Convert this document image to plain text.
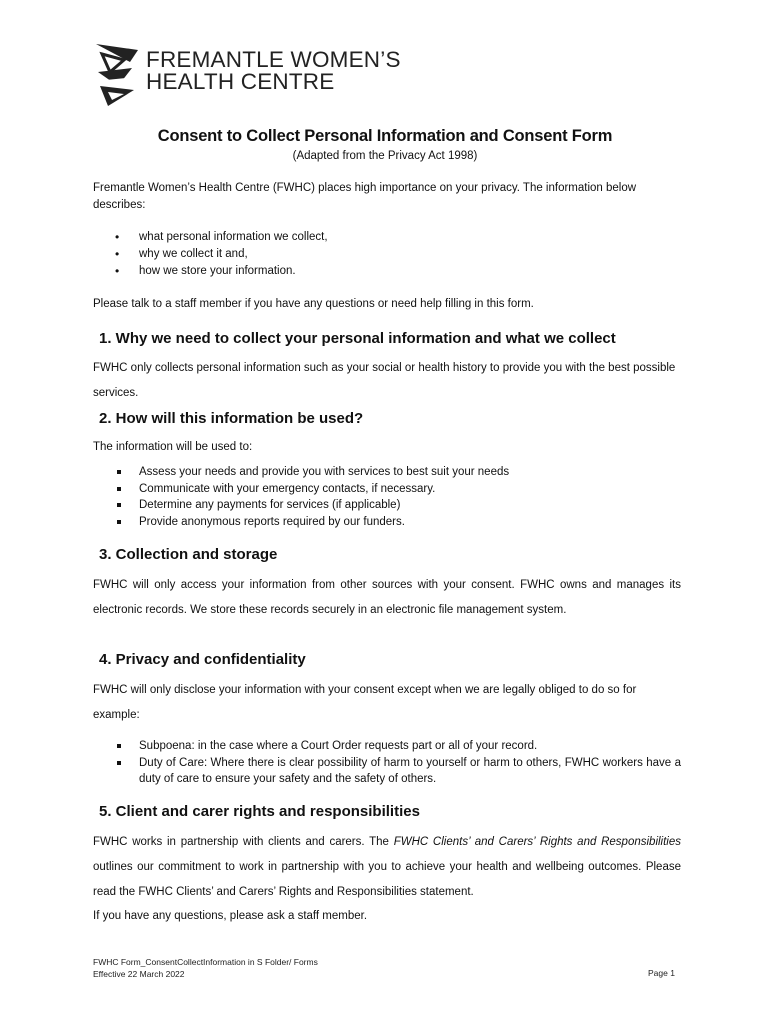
FREMANTLE WOMEN’S
HEALTH CENTRE
Consent to Collect Personal Information and Consent Form
(Adapted from the Privacy Act 1998)
Fremantle Women’s Health Centre (FWHC) places high importance on your privacy. The information below describes:
• what personal information we collect,
• why we collect it and,
• how we store your information.
Please talk to a staff member if you have any questions or need help filling in this form.
1. Why we need to collect your personal information and what we collect
FWHC only collects personal information such as your social or health history to provide you with the best possible services.
2. How will this information be used?
The information will be used to:
Assess your needs and provide you with services to best suit your needs
Communicate with your emergency contacts, if necessary.
Determine any payments for services (if applicable)
Provide anonymous reports required by our funders.
3. Collection and storage
FWHC will only access your information from other sources with your consent. FWHC owns and manages its electronic records. We store these records securely in an electronic file management system.
4. Privacy and confidentiality
FWHC will only disclose your information with your consent except when we are legally obliged to do so for example:
Subpoena: in the case where a Court Order requests part or all of your record.
Duty of Care: Where there is clear possibility of harm to yourself or harm to others, FWHC workers have a duty of care to ensure your safety and the safety of others.
5. Client and carer rights and responsibilities
FWHC works in partnership with clients and carers. The FWHC Clients’ and Carers’ Rights and Responsibilities outlines our commitment to work in partnership with you to achieve your health and wellbeing outcomes. Please read the FWHC Clients’ and Carers’ Rights and Responsibilities statement.
If you have any questions, please ask a staff member.
FWHC Form_ConsentCollectInformation in S Folder/ Forms
Effective 22 March 2022	Page 1
